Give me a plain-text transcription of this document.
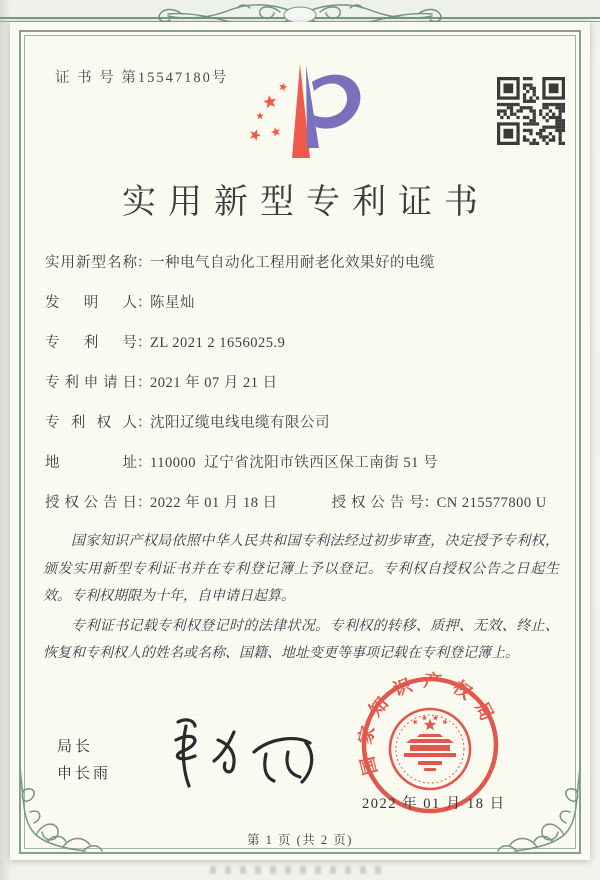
证 书 号 第15547180号
实用新型专利证书
实用新型名称：一种电气自动化工程用耐老化效果好的电缆
发明人：陈星灿
专利号：ZL 2021 2 1656025.9
专利申请日：2021 年 07 月 21 日
专利权人：沈阳辽缆电线电缆有限公司
地址：110000  辽宁省沈阳市铁西区保工南街 51 号
授权公告日：2022 年 01 月 18 日	授权公告号：CN 215577800 U

国家知识产权局依照中华人民共和国专利法经过初步审查，决定授予专利权，颁发实用新型专利证书并在专利登记簿上予以登记。专利权自授权公告之日起生效。专利权期限为十年，自申请日起算。

专利证书记载专利权登记时的法律状况。专利权的转移、质押、无效、终止、恢复和专利权人的姓名或名称、国籍、地址变更等事项记载在专利登记簿上。

局长
申长雨	国家知识产权局
2022 年 01 月 18 日
第 1 页 (共 2 页)
